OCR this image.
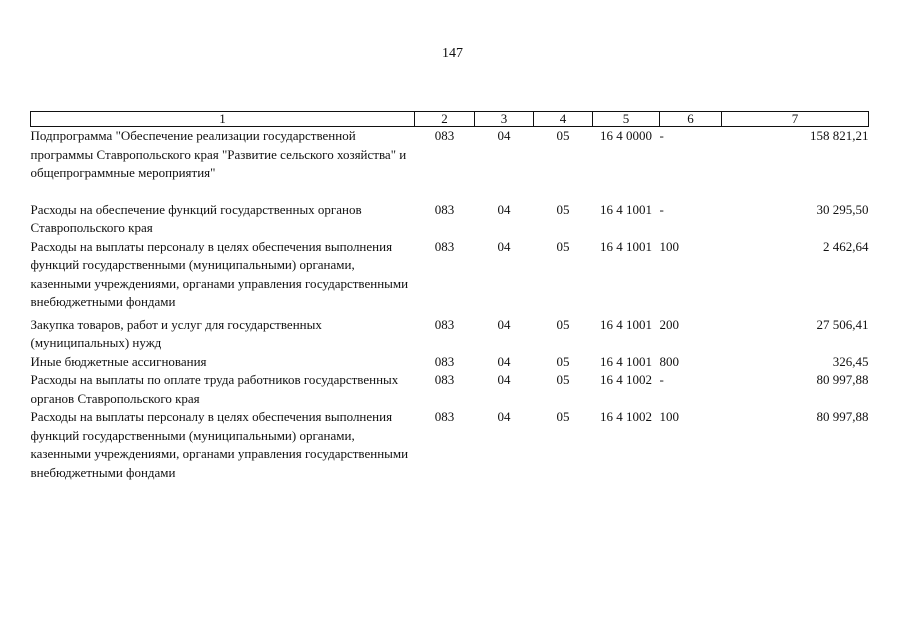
147
1	2	3	4	5	6	7
Подпрограмма "Обеспечение реализации государственной программы Ставропольского края "Развитие сельского хозяйства" и общепрограммные мероприятия"	083	04	05	16 4 0000	-	158 821,21

Расходы на обеспечение функций государственных органов Ставропольского края	083	04	05	16 4 1001	-	30 295,50
Расходы на выплаты персоналу в целях обеспечения выполнения функций государственными (муниципальными) органами, казенными учреждениями, органами управления государственными внебюджетными фондами	083	04	05	16 4 1001	100	2 462,64
Закупка товаров, работ и услуг для государственных (муниципальных) нужд	083	04	05	16 4 1001	200	27 506,41
Иные бюджетные ассигнования	083	04	05	16 4 1001	800	326,45
Расходы на выплаты по оплате труда работников государственных органов Ставропольского края	083	04	05	16 4 1002	-	80 997,88
Расходы на выплаты персоналу в целях обеспечения выполнения функций государственными (муниципальными) органами, казенными учреждениями, органами управления государственными внебюджетными фондами	083	04	05	16 4 1002	100	80 997,88
